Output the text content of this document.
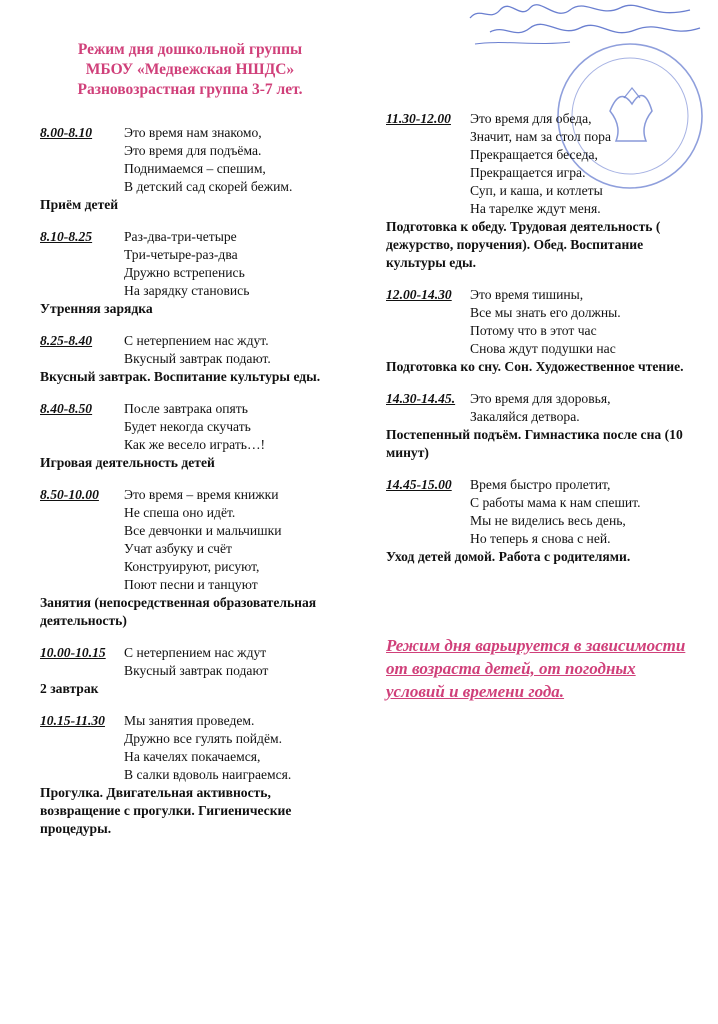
Режим дня дошкольной группы
МБОУ «Медвежская НШДС»
Разновозрастная группа 3-7 лет.
8.00-8.10	Это время нам знакомо,
Это время для подъёма.
Поднимаемся – спешим,
В детский сад скорей бежим.
Приём детей
8.10-8.25	Раз-два-три-четыре
Три-четыре-раз-два
Дружно встрепенись
На зарядку становись
Утренняя зарядка
8.25-8.40	С нетерпением нас ждут.
Вкусный завтрак подают.
Вкусный завтрак. Воспитание культуры еды.
8.40-8.50	После завтрака опять
Будет некогда скучать
Как же весело играть…!
Игровая деятельность детей
8.50-10.00	Это время – время книжки
Не спеша оно идёт.
Все девчонки и мальчишки
Учат азбуку и счёт
Конструируют, рисуют,
Поют песни и танцуют
Занятия (непосредственная образовательная деятельность)
10.00-10.15	С нетерпением нас ждут
Вкусный завтрак подают
2 завтрак
10.15-11.30	Мы занятия проведем.
Дружно все гулять пойдём.
На качелях покачаемся,
В салки вдоволь наиграемся.
Прогулка. Двигательная активность, возвращение с прогулки. Гигиенические процедуры.
11.30-12.00	Это время для обеда,
Значит, нам за стол пора
Прекращается беседа,
Прекращается игра.
Суп, и каша, и котлеты
На тарелке ждут меня.
Подготовка к обеду. Трудовая деятельность ( дежурство, поручения). Обед. Воспитание культуры еды.
12.00-14.30	Это время тишины,
Все мы знать его должны.
Потому что в этот час
Снова ждут подушки нас
Подготовка ко сну. Сон. Художественное чтение.
14.30-14.45.	Это время для здоровья,
Закаляйся детвора.
Постепенный подъём. Гимнастика после сна (10 минут)
14.45-15.00	Время быстро пролетит,
С работы мама к нам спешит.
Мы не виделись весь день,
Но теперь я снова с ней.
Уход детей домой. Работа с родителями.
Режим дня варьируется в зависимости от возраста детей, от погодных условий и времени года.
